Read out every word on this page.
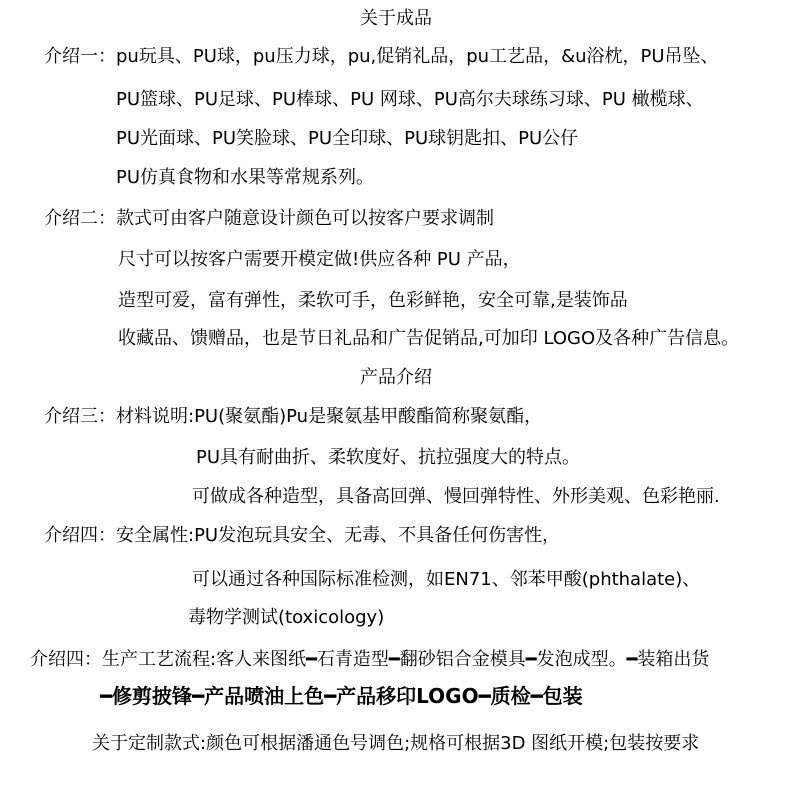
关于成品
介绍一：pu玩具、PU球，pu压力球，pu,促销礼品，pu工艺品，&u浴枕，PU吊坠、
PU篮球、PU足球、PU棒球、PU 网球、PU高尔夫球练习球、PU 橄榄球、
PU光面球、PU笑脸球、PU全印球、PU球钥匙扣、PU公仔
PU仿真食物和水果等常规系列。
介绍二：款式可由客户随意设计颜色可以按客户要求调制
尺寸可以按客户需要开模定做!供应各种 PU 产品，
造型可爱，富有弹性，柔软可手，色彩鲜艳，安全可靠,是装饰品
收藏品、馈赠品，也是节日礼品和广告促销品,可加印 LOGO及各种广告信息。
产品介绍
介绍三：材料说明:PU(聚氨酯)Pu是聚氨基甲酸酯简称聚氨酯，
PU具有耐曲折、柔软度好、抗拉强度大的特点。
可做成各种造型，具备高回弹、慢回弹特性、外形美观、色彩艳丽.
介绍四：安全属性:PU发泡玩具安全、无毒、不具备任何伤害性，
可以通过各种国际标准检测，如EN71、邻苯甲酸(phthalate)、
毒物学测试(toxicology)
介绍四：生产工艺流程:客人来图纸━石青造型━翻砂铝合金模具━发泡成型。━装箱出货
━修剪披锋━产品喷油上色━产品移印LOGO━质检━包装
关于定制款式:颜色可根据潘通色号调色;规格可根据3D 图纸开模;包装按要求
